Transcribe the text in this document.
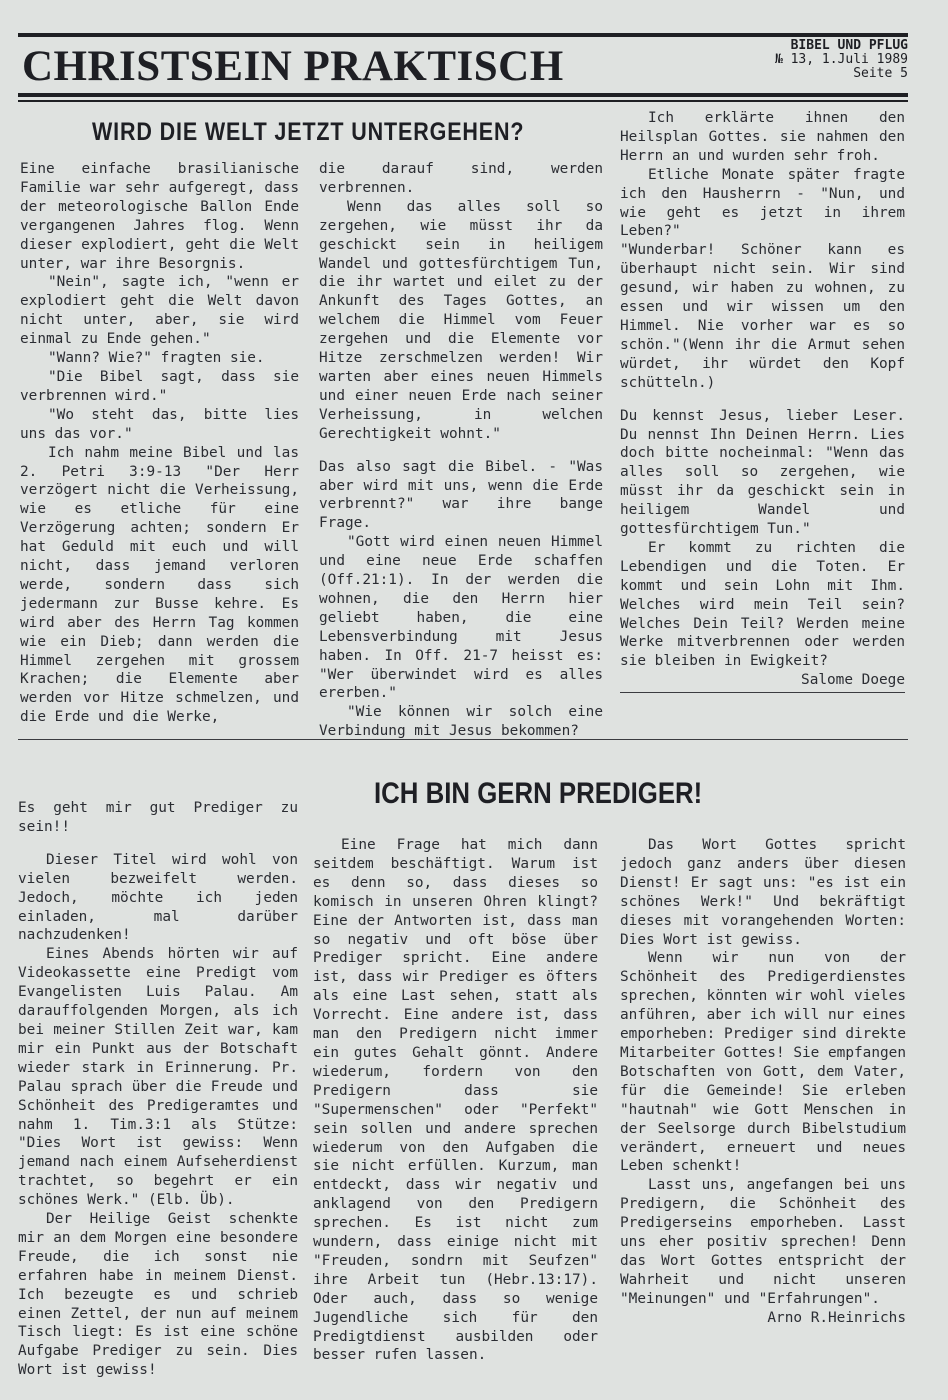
CHRISTSEIN PRAKTISCH	BIBEL UND PFLUG
№ 13, 1.Juli 1989
Seite 5
WIRD DIE WELT JETZT UNTERGEHEN?

Eine einfache brasilianische Familie war sehr aufgeregt, dass der meteorologische Ballon Ende vergangenen Jahres flog. Wenn dieser explodiert, geht die Welt unter, war ihre Besorgnis.

"Nein", sagte ich, "wenn er explodiert geht die Welt davon nicht unter, aber, sie wird einmal zu Ende gehen."

"Wann? Wie?" fragten sie.

"Die Bibel sagt, dass sie verbrennen wird."

"Wo steht das, bitte lies uns das vor."

Ich nahm meine Bibel und las 2. Petri 3:9-13 "Der Herr verzögert nicht die Verheissung, wie es etliche für eine Verzögerung achten; sondern Er hat Geduld mit euch und will nicht, dass jemand verloren werde, sondern dass sich jedermann zur Busse kehre. Es wird aber des Herrn Tag kommen wie ein Dieb; dann werden die Himmel zergehen mit grossem Krachen; die Elemente aber werden vor Hitze schmelzen, und die Erde und die Werke,

die darauf sind, werden verbrennen.

Wenn das alles soll so zergehen, wie müsst ihr da geschickt sein in heiligem Wandel und gottesfürchtigem Tun, die ihr wartet und eilet zu der Ankunft des Tages Gottes, an welchem die Himmel vom Feuer zergehen und die Elemente vor Hitze zerschmelzen werden! Wir warten aber eines neuen Himmels und einer neuen Erde nach seiner Verheissung, in welchen Gerechtigkeit wohnt."

Das also sagt die Bibel. - "Was aber wird mit uns, wenn die Erde verbrennt?" war ihre bange Frage.

"Gott wird einen neuen Himmel und eine neue Erde schaffen (Off.21:1). In der werden die wohnen, die den Herrn hier geliebt haben, die eine Lebensverbindung mit Jesus haben. In Off. 21-7 heisst es: "Wer überwindet wird es alles ererben."

"Wie können wir solch eine Verbindung mit Jesus bekommen?

Ich erklärte ihnen den Heilsplan Gottes. sie nahmen den Herrn an und wurden sehr froh.

Etliche Monate später fragte ich den Hausherrn - "Nun, und wie geht es jetzt in ihrem Leben?"

"Wunderbar! Schöner kann es überhaupt nicht sein. Wir sind gesund, wir haben zu wohnen, zu essen und wir wissen um den Himmel. Nie vorher war es so schön."(Wenn ihr die Armut sehen würdet, ihr würdet den Kopf schütteln.)

Du kennst Jesus, lieber Leser. Du nennst Ihn Deinen Herrn. Lies doch bitte nocheinmal: "Wenn das alles soll so zergehen, wie müsst ihr da geschickt sein in heiligem Wandel und gottesfürchtigem Tun."

Er kommt zu richten die Lebendigen und die Toten. Er kommt und sein Lohn mit Ihm. Welches wird mein Teil sein? Welches Dein Teil? Werden meine Werke mitverbrennen oder werden sie bleiben in Ewigkeit?

Salome Doege

ICH BIN GERN PREDIGER!

Es geht mir gut Prediger zu sein!!

Dieser Titel wird wohl von vielen bezweifelt werden. Jedoch, möchte ich jeden einladen, mal darüber nachzudenken!

Eines Abends hörten wir auf Videokassette eine Predigt vom Evangelisten Luis Palau. Am darauffolgenden Morgen, als ich bei meiner Stillen Zeit war, kam mir ein Punkt aus der Botschaft wieder stark in Erinnerung. Pr. Palau sprach über die Freude und Schönheit des Predigeramtes und nahm 1. Tim.3:1 als Stütze: "Dies Wort ist gewiss: Wenn jemand nach einem Aufseherdienst trachtet, so begehrt er ein schönes Werk." (Elb. Üb).

Der Heilige Geist schenkte mir an dem Morgen eine besondere Freude, die ich sonst nie erfahren habe in meinem Dienst. Ich bezeugte es und schrieb einen Zettel, der nun auf meinem Tisch liegt: Es ist eine schöne Aufgabe Prediger zu sein. Dies Wort ist gewiss!

Eine Frage hat mich dann seitdem beschäftigt. Warum ist es denn so, dass dieses so komisch in unseren Ohren klingt? Eine der Antworten ist, dass man so negativ und oft böse über Prediger spricht. Eine andere ist, dass wir Prediger es öfters als eine Last sehen, statt als Vorrecht. Eine andere ist, dass man den Predigern nicht immer ein gutes Gehalt gönnt. Andere wiederum, fordern von den Predigern dass sie "Supermenschen" oder "Perfekt" sein sollen und andere sprechen wiederum von den Aufgaben die sie nicht erfüllen. Kurzum, man entdeckt, dass wir negativ und anklagend von den Predigern sprechen. Es ist nicht zum wundern, dass einige nicht mit "Freuden, sondrn mit Seufzen" ihre Arbeit tun (Hebr.13:17). Oder auch, dass so wenige Jugendliche sich für den Predigtdienst ausbilden oder besser rufen lassen.

Das Wort Gottes spricht jedoch ganz anders über diesen Dienst! Er sagt uns: "es ist ein schönes Werk!" Und bekräftigt dieses mit vorangehenden Worten: Dies Wort ist gewiss.

Wenn wir nun von der Schönheit des Predigerdienstes sprechen, könnten wir wohl vieles anführen, aber ich will nur eines emporheben: Prediger sind direkte Mitarbeiter Gottes! Sie empfangen Botschaften von Gott, dem Vater, für die Gemeinde! Sie erleben "hautnah" wie Gott Menschen in der Seelsorge durch Bibelstudium verändert, erneuert und neues Leben schenkt!

Lasst uns, angefangen bei uns Predigern, die Schönheit des Predigerseins emporheben. Lasst uns eher positiv sprechen! Denn das Wort Gottes entspricht der Wahrheit und nicht unseren "Meinungen" und "Erfahrungen".

Arno R.Heinrichs
